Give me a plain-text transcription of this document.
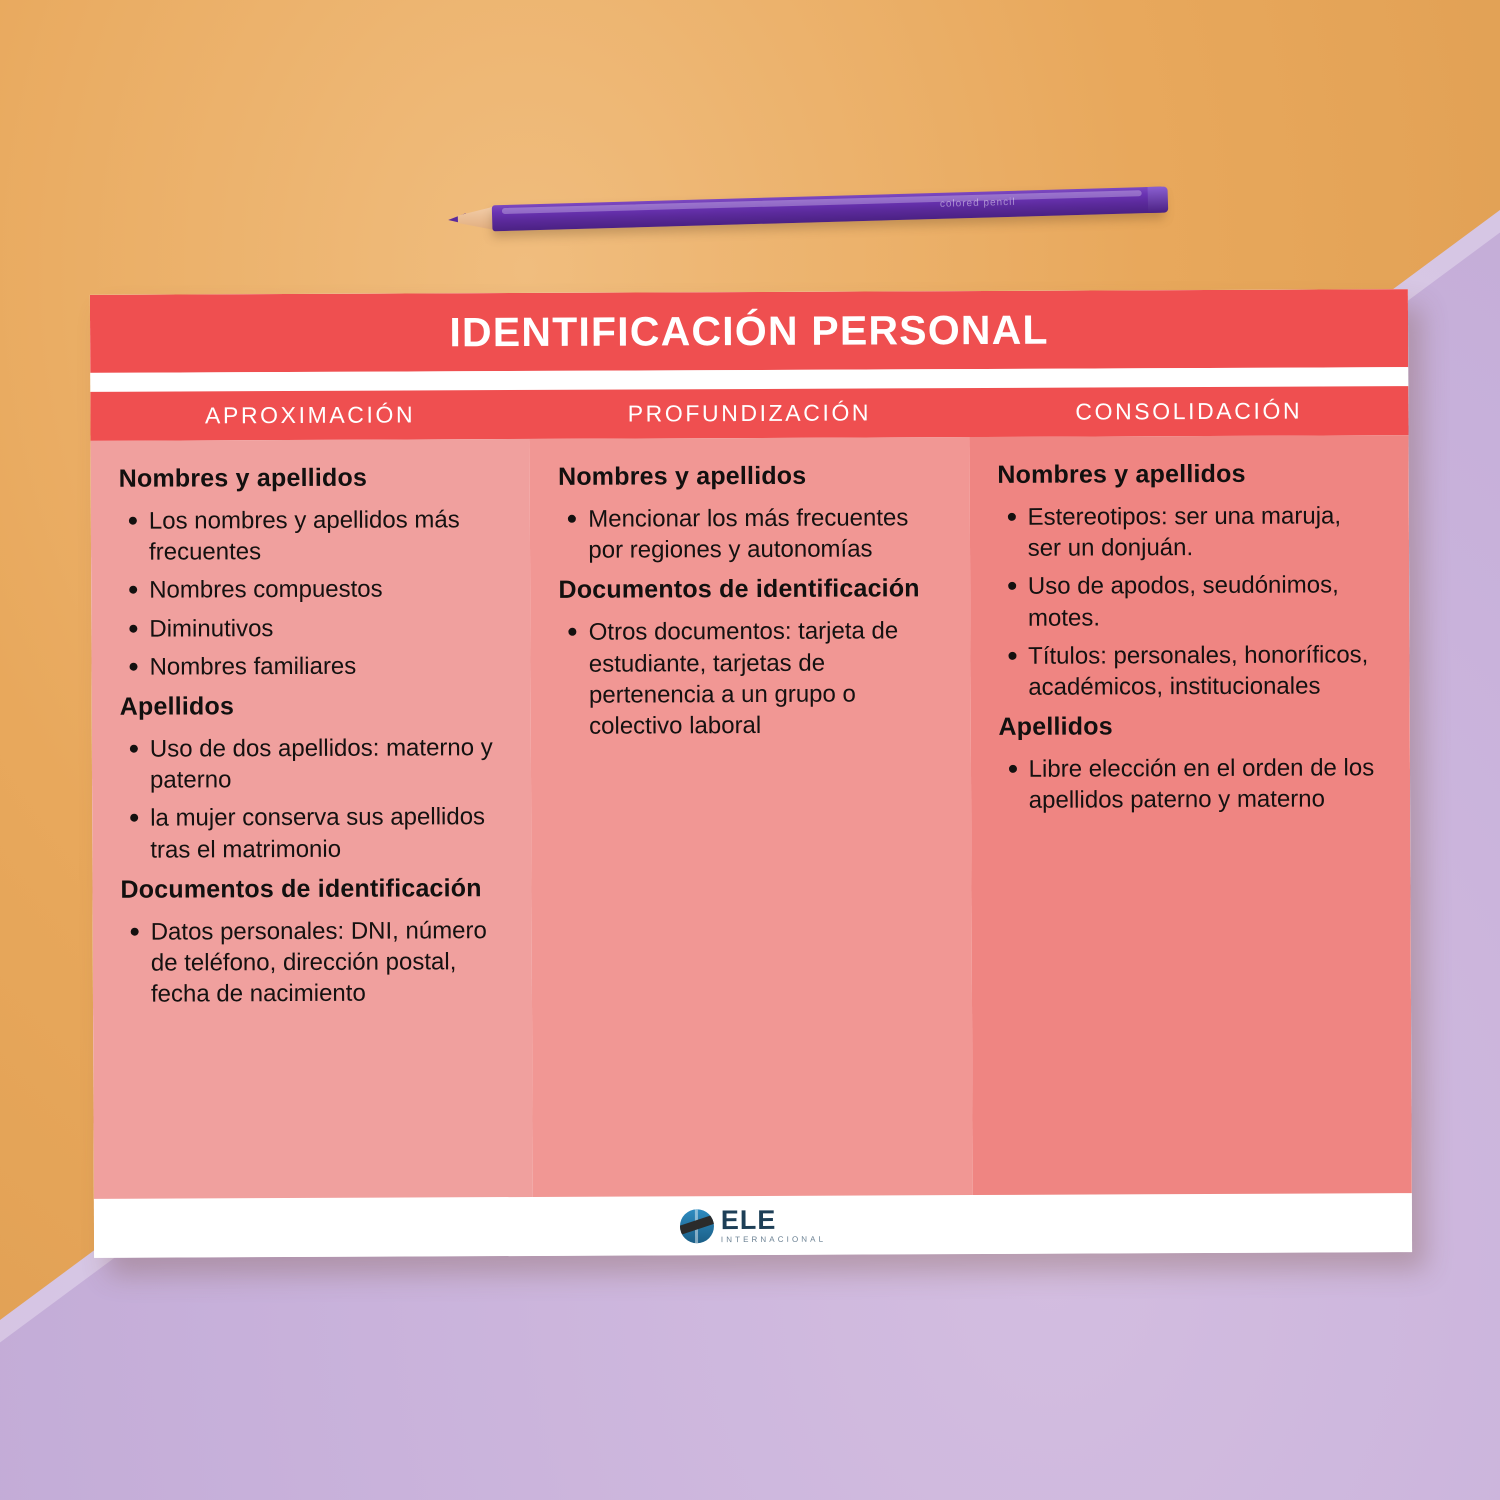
colored pencil
IDENTIFICACIÓN PERSONAL
APROXIMACIÓN	PROFUNDIZACIÓN	CONSOLIDACIÓN
Nombres y apellidos
Los nombres y apellidos más frecuentes
Nombres compuestos
Diminutivos
Nombres familiares
Apellidos
Uso de dos apellidos: materno y paterno
la mujer conserva sus apellidos tras el matrimonio
Documentos de identificación
Datos personales: DNI, número de teléfono, dirección postal, fecha de nacimiento
Nombres y apellidos
Mencionar los más frecuentes por regiones y autonomías
Documentos de identificación
Otros documentos: tarjeta de estudiante, tarjetas de pertenencia a un grupo o colectivo laboral
Nombres y apellidos
Estereotipos: ser una maruja, ser un donjuán.
Uso de apodos, seudónimos, motes.
Títulos: personales, honoríficos, académicos, institucionales
Apellidos
Libre elección en el orden de los apellidos paterno y materno
ELE
INTERNACIONAL
